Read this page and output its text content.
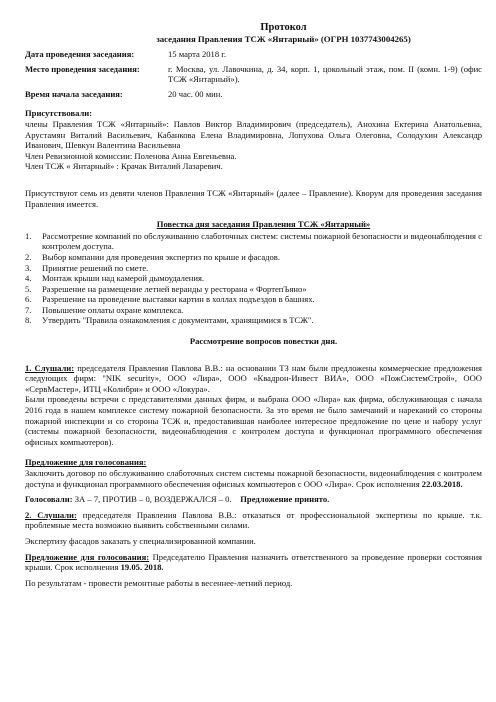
Протокол
заседания Правления ТСЖ «Янтарный» (ОГРН 1037743004265)
Дата проведения заседания:	15 марта 2018 г.
Место проведения заседания:	г. Москва, ул. Лавочкина, д. 34, корп. 1, цокольный этаж, пом. II (комн. 1-9) (офис ТСЖ «Янтарный»).
Время начала заседания:	20 час. 00 мин.
Присутствовали:

члены Правления ТСЖ «Янтарный»: Павлов Виктор Владимирович (председатель), Анохина Ектерина Анатольевна, Арустамян Виталий Васильевич, Кабанкова Елена Владимировна, Лопухова Ольга Олеговна, Солодухин Александр Иванович, Шевкун Валентина Васильевна

Член Ревизионной комиссии: Поленова Анна Евгеньевна.

Член ТСЖ « Янтарный» : Крачак Виталий Лазаревич.

Присутствуют семь из девяти членов Правления ТСЖ «Янтарный» (далее – Правление). Кворум для проведения заседания Правления имеется.

Повестка дня заседания Правления ТСЖ «Янтарный»
1.	Рассмотрение компаний по обслуживанию слаботочных систем: системы пожарной безопасности и видеонаблюдения с контролем доступа.
2.	Выбор компании для проведения экспертиз по крыше и фасадов.
3.	Принятие решений по смете.
4.	Монтаж крыши над камерой дымоудаления.
5.	Разрешение на размещение летней веранды у ресторана « ФортепЪяно»
6.	Разрешение на проведение выставки картин в холлах подъездов в башнях.
7.	Повышение оплаты охране комплекса.
8.	Утвердить "Правила ознакомления с документами, хранящимися в ТСЖ".
Рассмотрение вопросов повестки дня.

1. Слушали: председателя Правления Павлова В.В.: на основании ТЗ нам были предложены коммерческие предложения следующих фирм: "NIK security», ООО «Лира», ООО «Квадрон-Инвест ВИА», ООО «ПожСистемСтрой», ООО «СервМастер», ИТЦ «Колибри» и ООО «Локура».

Были проведены встречи с представителями данных фирм, и выбрана ООО «Лира» как фирма, обслуживающая с начала 2016 года в нашем комплексе систему пожарной безопасности. За это время не было замечаний и нареканий со стороны пожарной инспекции и со стороны ТСЖ и, предоставившая наиболее интересное предложение по цене и набору услуг (системы пожарной безопасности, видеонаблюдения с контролем доступа и функционал программного обеспечения офисных компьютеров).

Предложение для голосования:

Заключить договор по обслуживанию слаботочных систем системы пожарной безопасности, видеонаблюдения с контролем доступа и функционал программного обеспечения офисных компьютеров с ООО «Лира». Срок исполнения 22.03.2018.

Голосовали: ЗА – 7, ПРОТИВ – 0, ВОЗДЕРЖАЛСЯ – 0. Предложение принято.

2. Слушали: председателя Правления Павлова В.В.: отказаться от профессиональной экспертизы по крыше. т.к. проблемные места возможно выявить собственными силами.

Экспертизу фасадов заказать у специализированной компании.

Предложение для голосования: Председателю Правления назначить ответственного за проведение проверки состояния крыши. Срок исполнения 19.05. 2018.

По результатам - провести ремонтные работы в весеннее-летний период.
